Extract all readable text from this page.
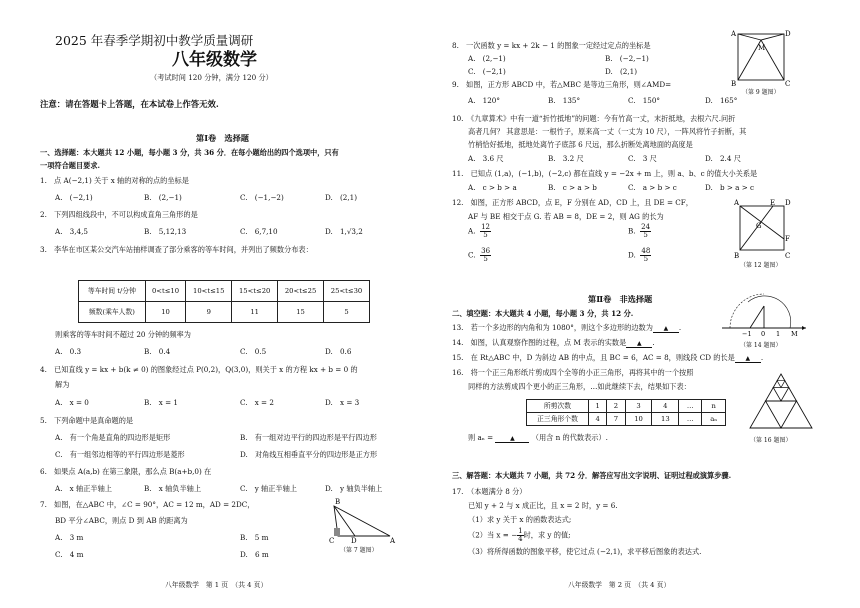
2025 年春季学期初中教学质量调研
八年级数学
（考试时间 120 分钟，满分 120 分）
注意：请在答题卡上答题，在本试卷上作答无效.
第Ⅰ卷　选择题
一、选择题：本大题共 12 小题，每小题 3 分，共 36 分．在每小题给出的四个选项中，只有
一项符合题目要求.
1.　点 A(−2,1) 关于 x 轴的对称的点的坐标是
A.　(−2,1)	B.　(2,−1)	C.　(−1,−2)	D.　(2,1)
2.　下列四组线段中，不可以构成直角三角形的是
A.　3,4,5	B.　5,12,13	C.　6,7,10	D.　1,√3,2
3.　李华在市区某公交汽车站抽样调查了部分乘客的等车时间，并列出了频数分布表：
等车时间 t/分钟	0<t≤10	10<t≤15	15<t≤20	20<t≤25	25<t≤30
频数(乘车人数)	10	9	11	15	5
则乘客的等车时间不超过 20 分钟的频率为
A.　0.3	B.　0.4	C.　0.5	D.　0.6
4.　已知直线 y = kx + b(k ≠ 0) 的图象经过点 P(0,2)，Q(3,0)，则关于 x 的方程 kx + b = 0 的
解为
A.　x = 0	B.　x = 1	C.　x = 2	D.　x = 3
5.　下列命题中是真命题的是
A.　有一个角是直角的四边形是矩形	B.　有一组对边平行的四边形是平行四边形
C.　有一组邻边相等的平行四边形是菱形	D.　对角线互相垂直平分的四边形是正方形
6.　如果点 A(a,b) 在第三象限，那么点 B(a+b,0) 在
A.　x 轴正半轴上	B.　x 轴负半轴上	C.　y 轴正半轴上	D.　y 轴负半轴上
7.　如图，在△ABC 中，∠C = 90°，AC = 12 m，AD = 2DC，
BD 平分∠ABC，则点 D 到 AB 的距离为
A.　3 m	B.　5 m
C.　4 m	D.　6 m
B
C D	A
（第 7 题图）
八年级数学　第 1 页　（共 4 页）
8.　一次函数 y = kx + 2k − 1 的图象一定经过定点的坐标是
A.　(2,−1)	B.　(−2,−1)
C.　(−2,1)	D.　(2,1)
9.　如图，正方形 ABCD 中，若△MBC 是等边三角形，则∠AMD=
A.　120°	B.　135°	C.　150°	D.　165°
A	D
M
B	C
（第 9 题图）
10.　《九章算术》中有一道“折竹抵地”的问题：今有竹高一丈，末折抵地，去根六尺.问折
高者几何？ 其意思是：一根竹子，原来高一丈（一丈为 10 尺），一阵风将竹子折断，其
竹梢恰好抵地，抵地处离竹子底部 6 尺远，那么折断处离地面的高度是
A.　3.6 尺	B.　3.2 尺	C.　3 尺	D.　2.4 尺
11.　已知点 (1,a)，(−1,b)，(−2,c) 都在直线 y = −2x + m 上，则 a、b、c 的值大小关系是
A.　c > b > a	B.　c > a > b	C.　a > b > c	D.　b > a > c
12.　如图，正方形 ABCD，点 E，F 分别在 AD，CD 上，且 DE = CF，
AF 与 BE 相交于点 G. 若 AB = 8，DE = 2，则 AG 的长为
A. $\frac{12}{5}$	B. $\frac{24}{5}$
C. $\frac{36}{5}$	D. $\frac{48}{5}$
A	E D
G
F
B	C
（第 12 题图）
第Ⅱ卷　非选择题
二、填空题：本大题共 4 小题，每小题 3 分，共 12 分.
13.　若一个多边形的内角和为 1080°，则这个多边形的边数为 ▲ .
14.　如图，认真观察作图的过程，点 M 表示的实数是 ▲ .
15.　在 Rt△ABC 中，D 为斜边 AB 的中点，且 BC = 6，AC = 8，则线段 CD 的长是 ▲ .
−1 0 1 M
（第 14 题图）
16.　将一个正三角形纸片剪成四个全等的小正三角形，再将其中的一个按照
同样的方法剪成四个更小的正三角形，…如此继续下去，结果如下表：
所剪次数	1	2	3	4	…	n
正三角形个数	4	7	10	13	…	aₙ
则 aₙ =	▲ （用含 n 的代数表示）.	（第 16 题图）
三、解答题：本大题共 7 小题，共 72 分．解答应写出文字说明、证明过程或演算步骤.
17.　（本题满分 8 分）
已知 y + 2 与 x 成正比，且 x = 2 时，y = 6.
（1）求 y 关于 x 的函数表达式;
（2）当 x = − $\frac{1}{4}$ 时，求 y 的值;
（3）将所得函数的图象平移，使它过点 (−2,1)，求平移后图象的表达式.
八年级数学　第 2 页　（共 4 页）
